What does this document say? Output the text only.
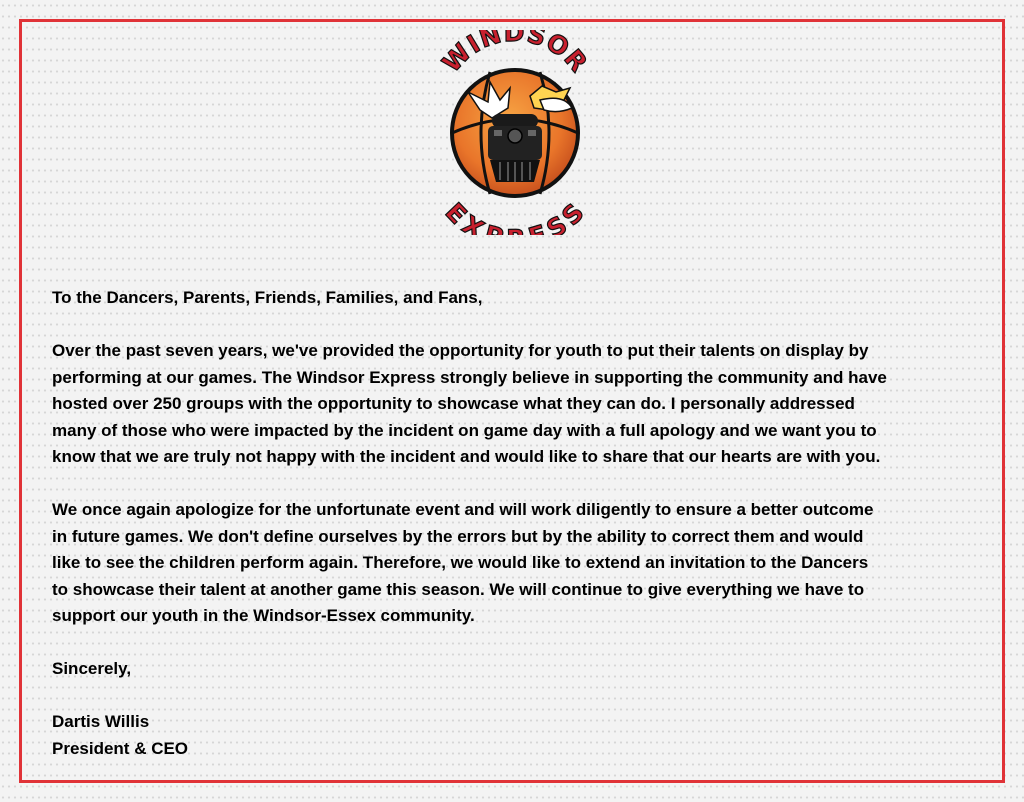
WINDSOR
EX SS

To the Dancers, Parents, Friends, Families, and Fans,

Over the past seven years, we've provided the opportunity for youth to put their talents on display by
performing at our games. The Windsor Express strongly believe in supporting the community and have
hosted over 250 groups with the opportunity to showcase what they can do. I personally addressed
many of those who were impacted by the incident on game day with a full apology and we want you to
know that we are truly not happy with the incident and would like to share that our hearts are with you.

We once again apologize for the unfortunate event and will work diligently to ensure a better outcome
in future games. We don't define ourselves by the errors but by the ability to correct them and would
like to see the children perform again. Therefore, we would like to extend an invitation to the Dancers
to showcase their talent at another game this season. We will continue to give everything we have to
support our youth in the Windsor-Essex community.

Sincerely,

Dartis Willis

President & CEO
